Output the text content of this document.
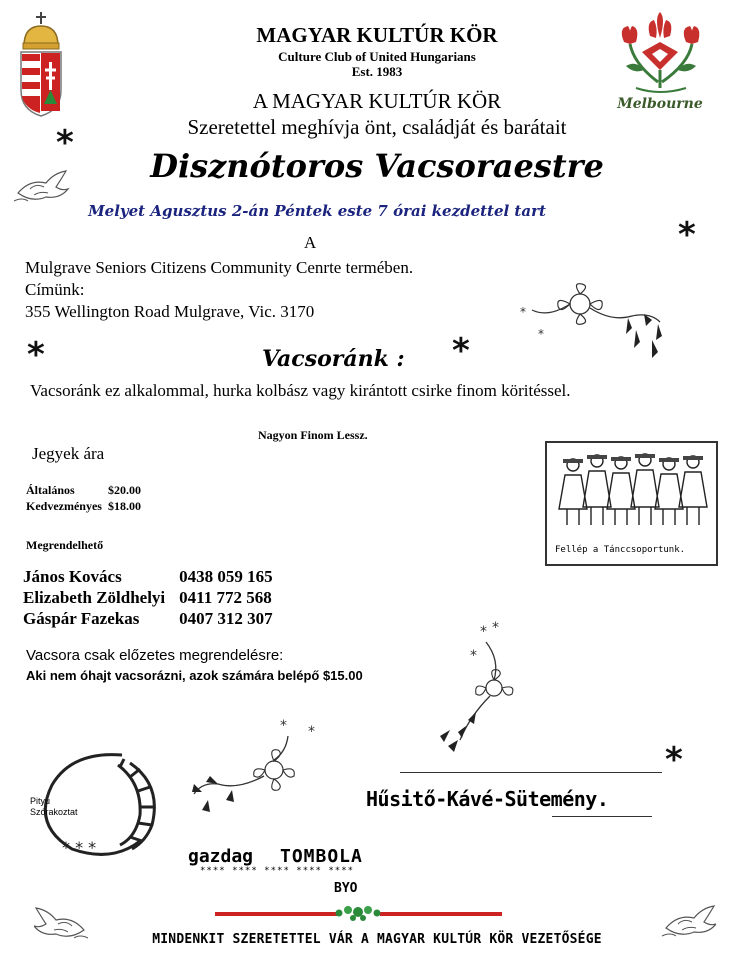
MAGYAR KULTÚR KÖR
Culture Club of United Hungarians
Est. 1983
Melbourne
A MAGYAR KULTÚR KÖR
Szeretettel meghívja önt, családját és barátait
Disznótoros Vacsoraestre
Melyet Agusztus 2-án Péntek este 7 órai kezdettel tart
*
*
A
Mulgrave Seniors Citizens Community Cenrte termében.
Címünk:
355 Wellington Road Mulgrave, Vic. 3170	*
*
*	*
Vacsoránk :
Vacsoránk ez alkalommal, hurka kolbász vagy kirántott csirke finom köritéssel.
Nagyon Finom Lessz.
Jegyek ára
Általános	$20.00
Kedvezményes	$18.00
Fellép a Tánccsoportunk.
Megrendelhető
János Kovács	0438 059 165
Elizabeth Zöldhelyi	0411 772 568
Gáspár Fazekas	0407 312 307
Vacsora csak előzetes megrendelésre:
Aki nem óhajt vacsorázni, azok számára belépő $15.00
* *
*
*
* * *
Pityu
Szórakoztat
* *
Hűsitő-Kávé-Sütemény.
gazdag TOMBOLA
**** **** **** **** ****
BYO
MINDENKIT SZERETETTEL VÁR A MAGYAR KULTÚR KÖR VEZETŐSÉGE
